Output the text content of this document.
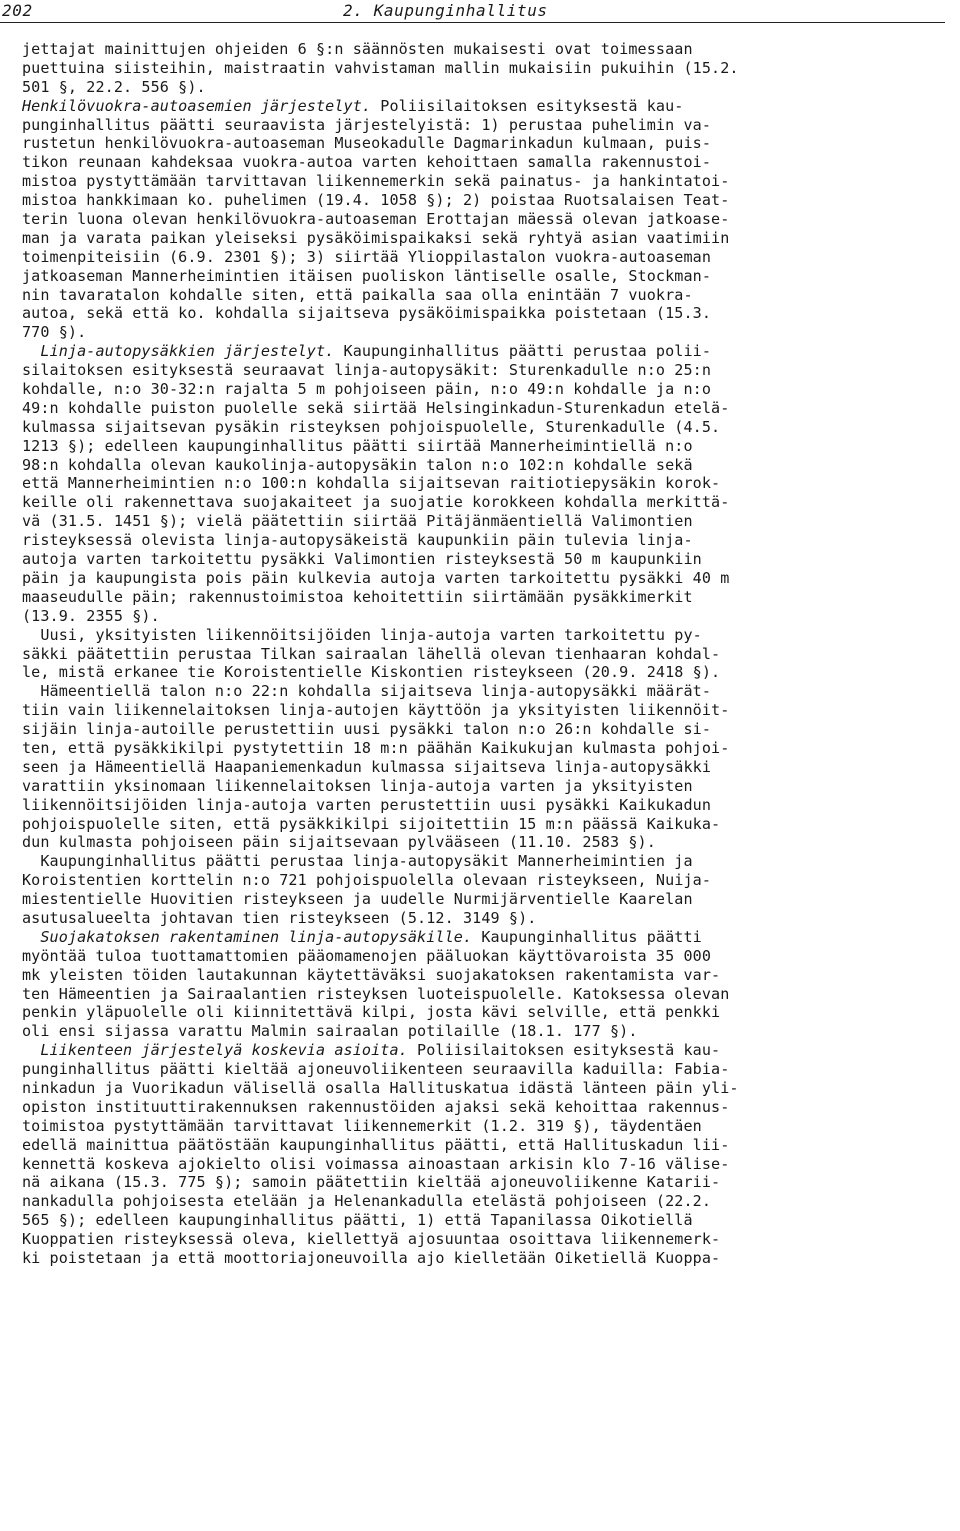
202	2. Kaupunginhallitus
jettajat mainittujen ohjeiden 6 §:n säännösten mukaisesti ovat toimessaan
puettuina siisteihin, maistraatin vahvistaman mallin mukaisiin pukuihin (15.2.
501 §, 22.2. 556 §).
Henkilövuokra-autoasemien järjestelyt. Poliisilaitoksen esityksestä kau-
punginhallitus päätti seuraavista järjestelyistä: 1) perustaa puhelimin va-
rustetun henkilövuokra-autoaseman Museokadulle Dagmarinkadun kulmaan, puis-
tikon reunaan kahdeksaa vuokra-autoa varten kehoittaen samalla rakennustoi-
mistoa pystyttämään tarvittavan liikennemerkin sekä painatus- ja hankintatoi-
mistoa hankkimaan ko. puhelimen (19.4. 1058 §); 2) poistaa Ruotsalaisen Teat-
terin luona olevan henkilövuokra-autoaseman Erottajan mäessä olevan jatkoase-
man ja varata paikan yleiseksi pysäköimispaikaksi sekä ryhtyä asian vaatimiin
toimenpiteisiin (6.9. 2301 §); 3) siirtää Ylioppilastalon vuokra-autoaseman
jatkoaseman Mannerheimintien itäisen puoliskon läntiselle osalle, Stockman-
nin tavaratalon kohdalle siten, että paikalla saa olla enintään 7 vuokra-
autoa, sekä että ko. kohdalla sijaitseva pysäköimispaikka poistetaan (15.3.
770 §).
Linja-autopysäkkien järjestelyt. Kaupunginhallitus päätti perustaa polii-
silaitoksen esityksestä seuraavat linja-autopysäkit: Sturenkadulle n:o 25:n
kohdalle, n:o 30-32:n rajalta 5 m pohjoiseen päin, n:o 49:n kohdalle ja n:o
49:n kohdalle puiston puolelle sekä siirtää Helsinginkadun-Sturenkadun etelä-
kulmassa sijaitsevan pysäkin risteyksen pohjoispuolelle, Sturenkadulle (4.5.
1213 §); edelleen kaupunginhallitus päätti siirtää Mannerheimintiellä n:o
98:n kohdalla olevan kaukolinja-autopysäkin talon n:o 102:n kohdalle sekä
että Mannerheimintien n:o 100:n kohdalla sijaitsevan raitiotiepysäkin korok-
keille oli rakennettava suojakaiteet ja suojatie korokkeen kohdalla merkittä-
vä (31.5. 1451 §); vielä päätettiin siirtää Pitäjänmäentiellä Valimontien
risteyksessä olevista linja-autopysäkeistä kaupunkiin päin tulevia linja-
autoja varten tarkoitettu pysäkki Valimontien risteyksestä 50 m kaupunkiin
päin ja kaupungista pois päin kulkevia autoja varten tarkoitettu pysäkki 40 m
maaseudulle päin; rakennustoimistoa kehoitettiin siirtämään pysäkkimerkit
(13.9. 2355 §).
Uusi, yksityisten liikennöitsijöiden linja-autoja varten tarkoitettu py-
säkki päätettiin perustaa Tilkan sairaalan lähellä olevan tienhaaran kohdal-
le, mistä erkanee tie Koroistentielle Kiskontien risteykseen (20.9. 2418 §).
Hämeentiellä talon n:o 22:n kohdalla sijaitseva linja-autopysäkki määrät-
tiin vain liikennelaitoksen linja-autojen käyttöön ja yksityisten liikennöit-
sijäin linja-autoille perustettiin uusi pysäkki talon n:o 26:n kohdalle si-
ten, että pysäkkikilpi pystytettiin 18 m:n päähän Kaikukujan kulmasta pohjoi-
seen ja Hämeentiellä Haapaniemenkadun kulmassa sijaitseva linja-autopysäkki
varattiin yksinomaan liikennelaitoksen linja-autoja varten ja yksityisten
liikennöitsijöiden linja-autoja varten perustettiin uusi pysäkki Kaikukadun
pohjoispuolelle siten, että pysäkkikilpi sijoitettiin 15 m:n päässä Kaikuka-
dun kulmasta pohjoiseen päin sijaitsevaan pylvääseen (11.10. 2583 §).
Kaupunginhallitus päätti perustaa linja-autopysäkit Mannerheimintien ja
Koroistentien korttelin n:o 721 pohjoispuolella olevaan risteykseen, Nuija-
miestentielle Huovitien risteykseen ja uudelle Nurmijärventielle Kaarelan
asutusalueelta johtavan tien risteykseen (5.12. 3149 §).
Suojakatoksen rakentaminen linja-autopysäkille. Kaupunginhallitus päätti
myöntää tuloa tuottamattomien pääomamenojen pääluokan käyttövaroista 35 000
mk yleisten töiden lautakunnan käytettäväksi suojakatoksen rakentamista var-
ten Hämeentien ja Sairaalantien risteyksen luoteispuolelle. Katoksessa olevan
penkin yläpuolelle oli kiinnitettävä kilpi, josta kävi selville, että penkki
oli ensi sijassa varattu Malmin sairaalan potilaille (18.1. 177 §).
Liikenteen järjestelyä koskevia asioita. Poliisilaitoksen esityksestä kau-
punginhallitus päätti kieltää ajoneuvoliikenteen seuraavilla kaduilla: Fabia-
ninkadun ja Vuorikadun välisellä osalla Hallituskatua idästä länteen päin yli-
opiston instituuttirakennuksen rakennustöiden ajaksi sekä kehoittaa rakennus-
toimistoa pystyttämään tarvittavat liikennemerkit (1.2. 319 §), täydentäen
edellä mainittua päätöstään kaupunginhallitus päätti, että Hallituskadun lii-
kennettä koskeva ajokielto olisi voimassa ainoastaan arkisin klo 7-16 välise-
nä aikana (15.3. 775 §); samoin päätettiin kieltää ajoneuvoliikenne Katarii-
nankadulla pohjoisesta etelään ja Helenankadulla etelästä pohjoiseen (22.2.
565 §); edelleen kaupunginhallitus päätti, 1) että Tapanilassa Oikotiellä
Kuoppatien risteyksessä oleva, kiellettyä ajosuuntaa osoittava liikennemerk-
ki poistetaan ja että moottoriajoneuvoilla ajo kielletään Oiketiellä Kuoppa-
